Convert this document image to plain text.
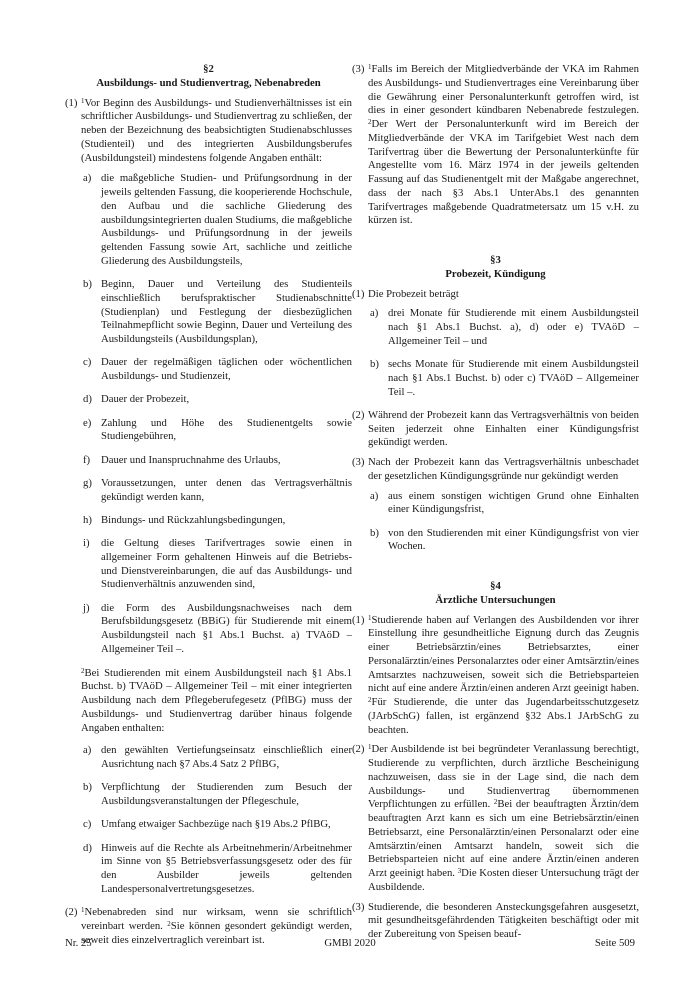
§2

Ausbildungs- und Studienvertrag, Nebenabreden

(1) $^1$Vor Beginn des Ausbildungs- und Studienverhältnisses ist ein schriftlicher Ausbildungs- und Studienvertrag zu schließen, der neben der Bezeichnung des beabsichtigten Studienabschlusses (Studienteil) und des integrierten Ausbildungsberufes (Ausbildungsteil) mindestens folgende Angaben enthält:
a) die maßgebliche Studien- und Prüfungsordnung in der jeweils geltenden Fassung, die kooperierende Hochschule, den Aufbau und die sachliche Gliederung des ausbildungsintegrierten dualen Studiums, die maßgebliche Ausbildungs- und Prüfungsordnung in der jeweils geltenden Fassung sowie Art, sachliche und zeitliche Gliederung des Ausbildungsteils,
b) Beginn, Dauer und Verteilung des Studienteils einschließlich berufspraktischer Studienabschnitte (Studienplan) und Festlegung der diesbezüglichen Teilnahmepflicht sowie Beginn, Dauer und Verteilung des Ausbildungsteils (Ausbildungsplan),
c) Dauer der regelmäßigen täglichen oder wöchentlichen Ausbildungs- und Studienzeit,
d) Dauer der Probezeit,
e) Zahlung und Höhe des Studienentgelts sowie Studiengebühren,
f) Dauer und Inanspruchnahme des Urlaubs,
g) Voraussetzungen, unter denen das Vertragsverhältnis gekündigt werden kann,
h) Bindungs- und Rückzahlungsbedingungen,
i) die Geltung dieses Tarifvertrages sowie einen in allgemeiner Form gehaltenen Hinweis auf die Betriebs- und Dienstvereinbarungen, die auf das Ausbildungs- und Studienverhältnis anzuwenden sind,
j) die Form des Ausbildungsnachweises nach dem Berufsbildungsgesetz (BBiG) für Studierende mit einem Ausbildungsteil nach §1 Abs.1 Buchst. a) TVAöD – Allgemeiner Teil –.
$^2$Bei Studierenden mit einem Ausbildungsteil nach §1 Abs.1 Buchst. b) TVAöD – Allgemeiner Teil – mit einer integrierten Ausbildung nach dem Pflegeberufegesetz (PflBG) muss der Ausbildungs- und Studienvertrag darüber hinaus folgende Angaben enthalten:
a) den gewählten Vertiefungseinsatz einschließlich einer Ausrichtung nach §7 Abs.4 Satz 2 PflBG,
b) Verpflichtung der Studierenden zum Besuch der Ausbildungsveranstaltungen der Pflegeschule,
c) Umfang etwaiger Sachbezüge nach §19 Abs.2 PflBG,
d) Hinweis auf die Rechte als Arbeitnehmerin/Arbeitnehmer im Sinne von §5 Betriebsverfassungsgesetz oder des für den Ausbilder jeweils geltenden Landespersonalvertretungsgesetzes.
(2) $^1$Nebenabreden sind nur wirksam, wenn sie schriftlich vereinbart werden. $^2$Sie können gesondert gekündigt werden, soweit dies einzelvertraglich vereinbart ist.
(3) $^1$Falls im Bereich der Mitgliedverbände der VKA im Rahmen des Ausbildungs- und Studienvertrages eine Vereinbarung über die Gewährung einer Personalunterkunft getroffen wird, ist dies in einer gesondert kündbaren Nebenabrede festzulegen. $^2$Der Wert der Personalunterkunft wird im Bereich der Mitgliedverbände der VKA im Tarifgebiet West nach dem Tarifvertrag über die Bewertung der Personalunterkünfte für Angestellte vom 16. März 1974 in der jeweils geltenden Fassung auf das Studienentgelt mit der Maßgabe angerechnet, dass der nach §3 Abs.1 UnterAbs.1 des genannten Tarifvertrages maßgebende Quadratmetersatz um 15 v.H. zu kürzen ist.

§3

Probezeit, Kündigung

(1) Die Probezeit beträgt
a) drei Monate für Studierende mit einem Ausbildungsteil nach §1 Abs.1 Buchst. a), d) oder e) TVAöD – Allgemeiner Teil – und
b) sechs Monate für Studierende mit einem Ausbildungsteil nach §1 Abs.1 Buchst. b) oder c) TVAöD – Allgemeiner Teil –.
(2) Während der Probezeit kann das Vertragsverhältnis von beiden Seiten jederzeit ohne Einhalten einer Kündigungsfrist gekündigt werden.
(3) Nach der Probezeit kann das Vertragsverhältnis unbeschadet der gesetzlichen Kündigungsgründe nur gekündigt werden
a) aus einem sonstigen wichtigen Grund ohne Einhalten einer Kündigungsfrist,
b) von den Studierenden mit einer Kündigungsfrist von vier Wochen.

§4

Ärztliche Untersuchungen

(1) $^1$Studierende haben auf Verlangen des Ausbildenden vor ihrer Einstellung ihre gesundheitliche Eignung durch das Zeugnis einer Betriebsärztin/eines Betriebsarztes, einer Personalärztin/eines Personalarztes oder einer Amtsärztin/eines Amtsarztes nachzuweisen, soweit sich die Betriebsparteien nicht auf eine andere Ärztin/einen anderen Arzt geeinigt haben. $^2$Für Studierende, die unter das Jugendarbeitsschutzgesetz (JArbSchG) fallen, ist ergänzend §32 Abs.1 JArbSchG zu beachten.
(2) $^1$Der Ausbildende ist bei begründeter Veranlassung berechtigt, Studierende zu verpflichten, durch ärztliche Bescheinigung nachzuweisen, dass sie in der Lage sind, die nach dem Ausbildungs- und Studienvertrag übernommenen Verpflichtungen zu erfüllen. $^2$Bei der beauftragten Ärztin/dem beauftragten Arzt kann es sich um eine Betriebsärztin/einen Betriebsarzt, eine Personalärztin/einen Personalarzt oder eine Amtsärztin/einen Amtsarzt handeln, soweit sich die Betriebsparteien nicht auf eine andere Ärztin/einen anderen Arzt geeinigt haben. $^3$Die Kosten dieser Untersuchung trägt der Ausbildende.
(3) Studierende, die besonderen Ansteckungsgefahren ausgesetzt, mit gesundheitsgefährdenden Tätigkeiten beschäftigt oder mit der Zubereitung von Speisen beauf-
Nr. 25	GMBl 2020	Seite 509
